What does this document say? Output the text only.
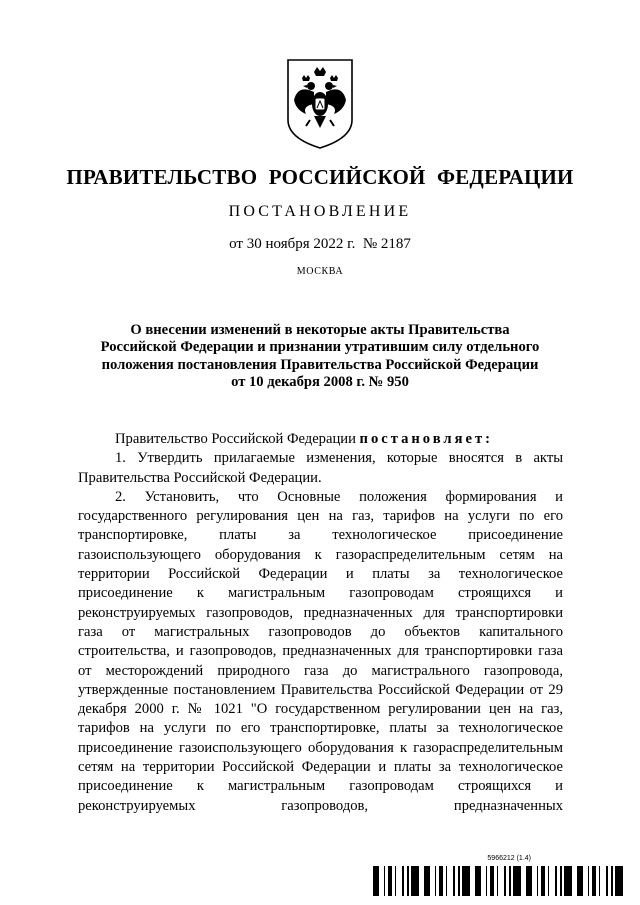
ПРАВИТЕЛЬСТВО РОССИЙСКОЙ ФЕДЕРАЦИИ
ПОСТАНОВЛЕНИЕ
от 30 ноября 2022 г.  № 2187
МОСКВА
О внесении изменений в некоторые акты Правительства Российской Федерации и признании утратившим силу отдельного положения постановления Правительства Российской Федерации от 10 декабря 2008 г. № 950

Правительство Российской Федерации постановляет:

1. Утвердить прилагаемые изменения, которые вносятся в акты Правительства Российской Федерации.

2. Установить, что Основные положения формирования и государственного регулирования цен на газ, тарифов на услуги по его транспортировке, платы за технологическое присоединение газоиспользующего оборудования к газораспределительным сетям на территории Российской Федерации и платы за технологическое присоединение к магистральным газопроводам строящихся и реконструируемых газопроводов, предназначенных для транспортировки газа от магистральных газопроводов до объектов капитального строительства, и газопроводов, предназначенных для транспортировки газа от месторождений природного газа до магистрального газопровода, утвержденные постановлением Правительства Российской Федерации от 29 декабря 2000 г. № 1021 "О государственном регулировании цен на газ, тарифов на услуги по его транспортировке, платы за технологическое присоединение газоиспользующего оборудования к газораспределительным сетям на территории Российской Федерации и платы за технологическое присоединение к магистральным газопроводам строящихся и реконструируемых газопроводов, предназначенных

5966212 (1.4)
